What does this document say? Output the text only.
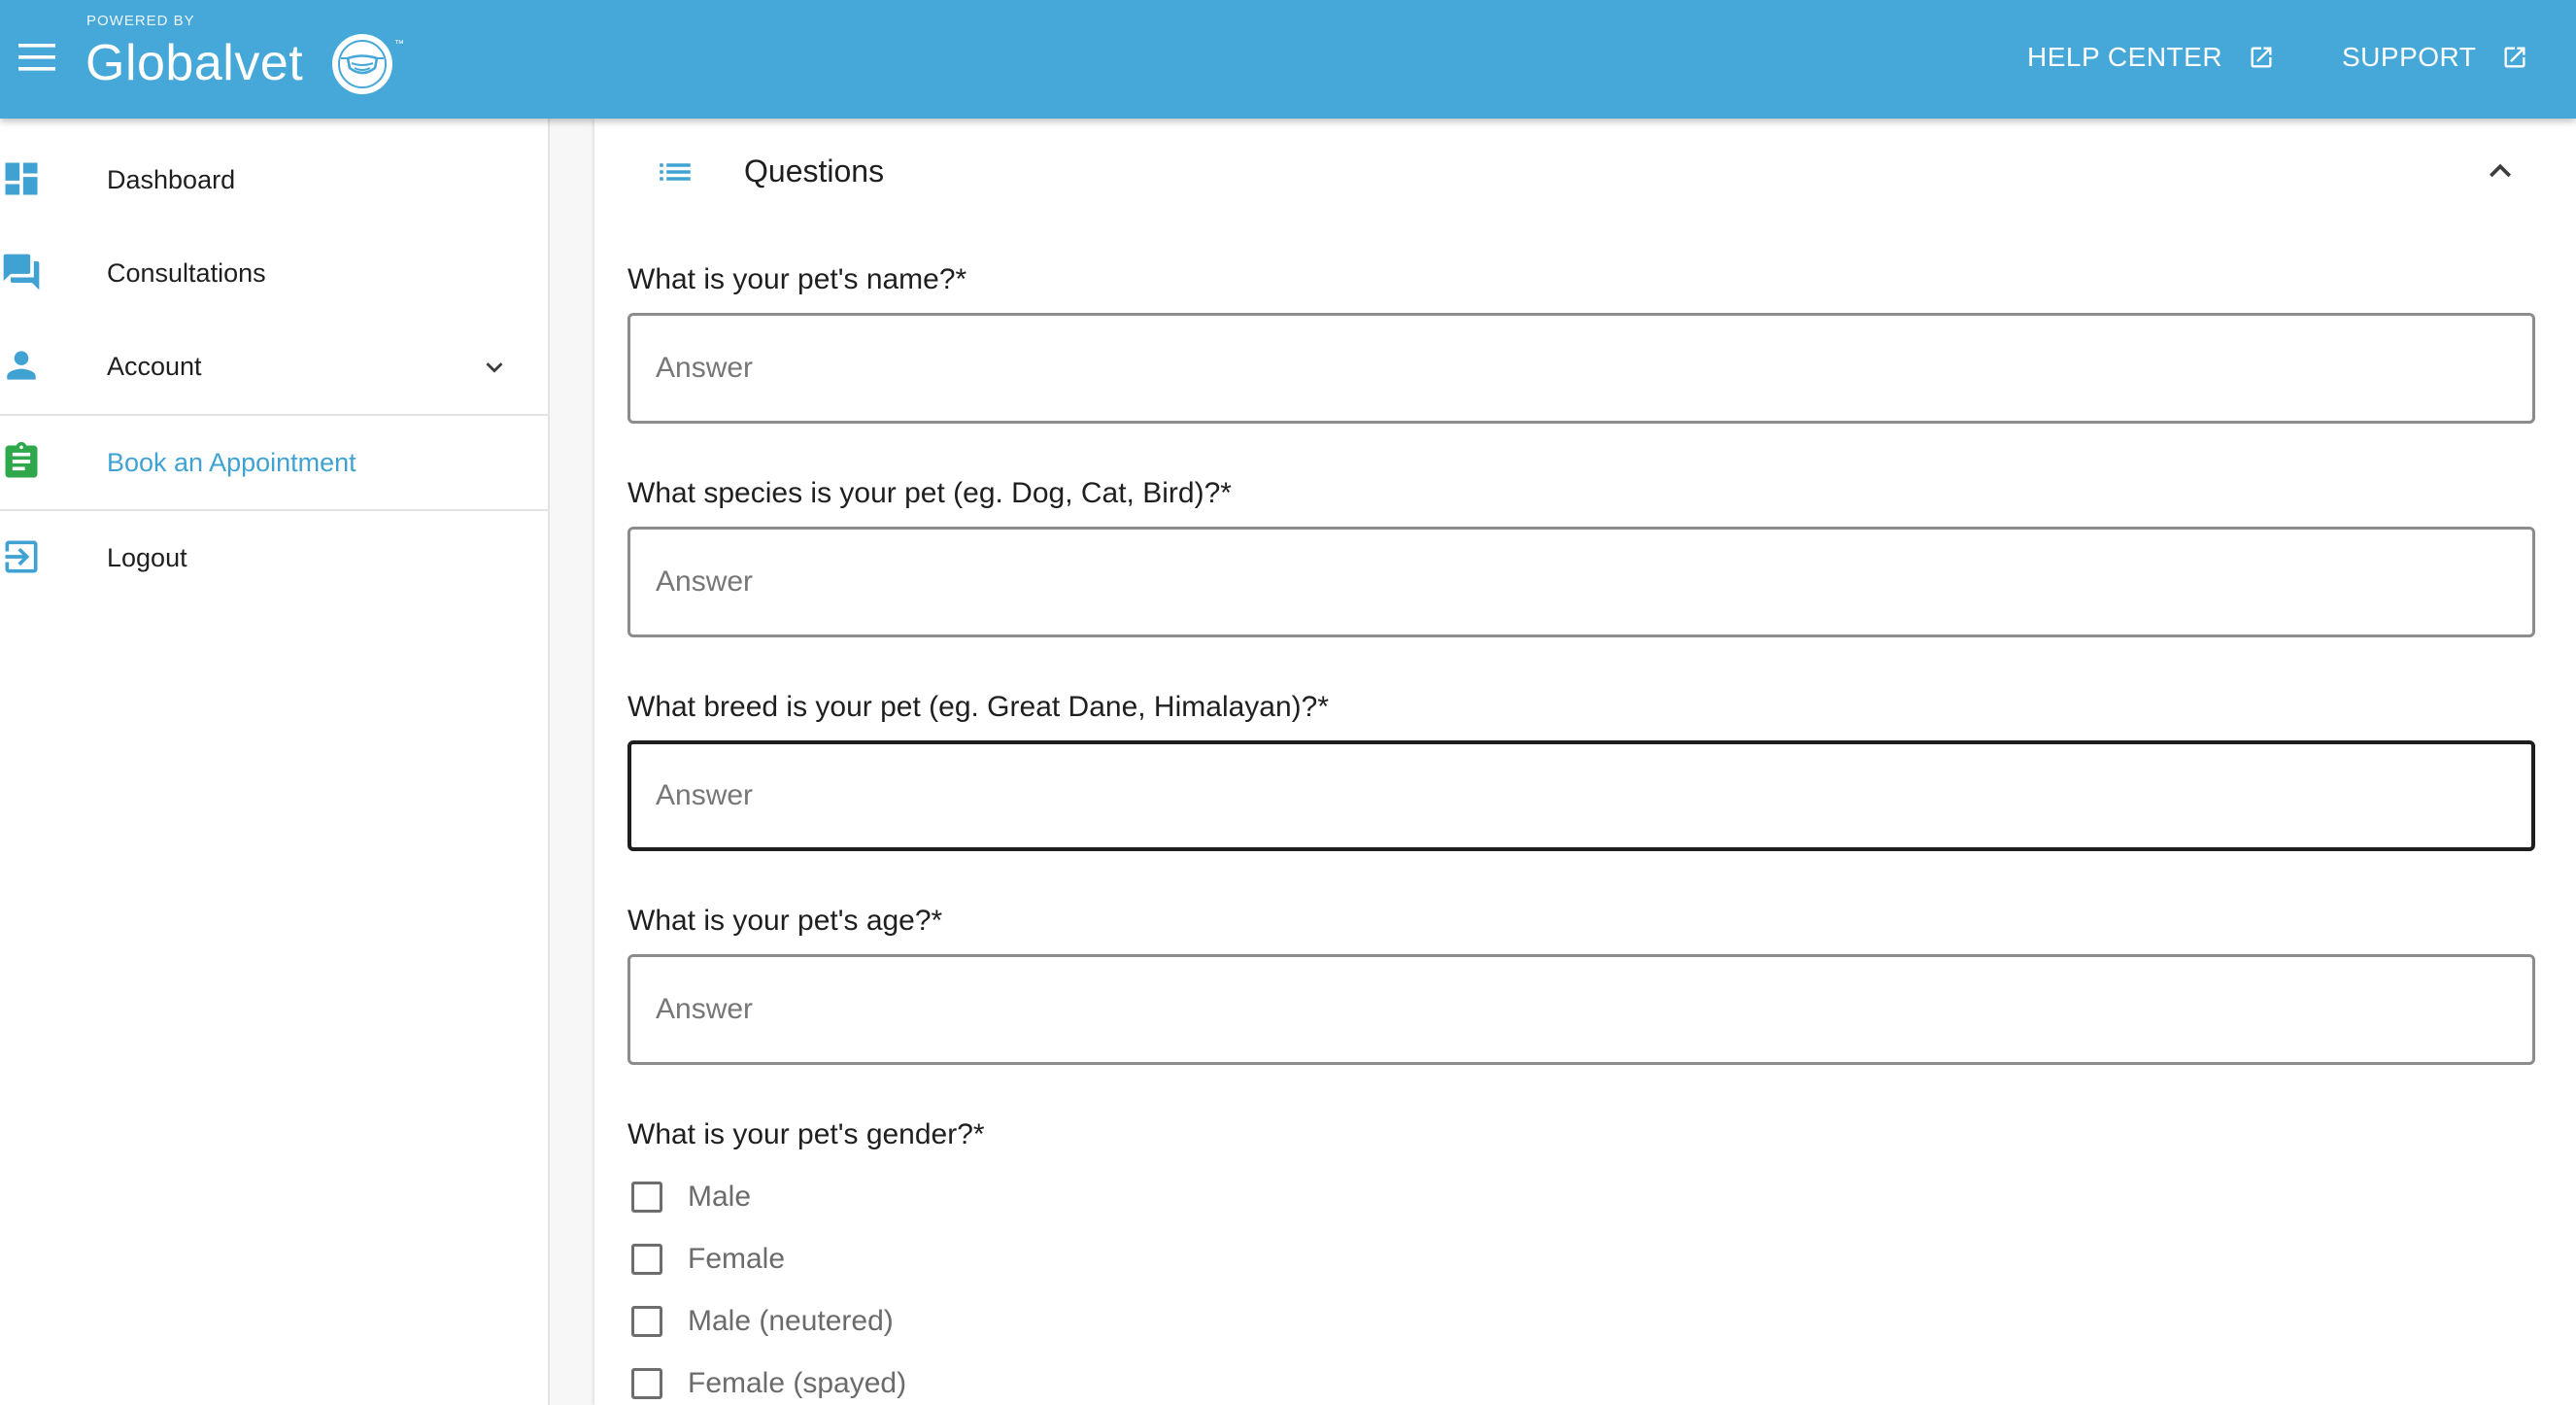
POWERED BY
Globalvet	™	HELP CENTER	SUPPORT
Dashboard
Consultations
Account
Book an Appointment
Logout
Questions
What is your pet's name?*
Answer
What species is your pet (eg. Dog, Cat, Bird)?*
Answer
What breed is your pet (eg. Great Dane, Himalayan)?*
Answer
What is your pet's age?*
Answer
What is your pet's gender?*
Male
Female
Male (neutered)
Female (spayed)
